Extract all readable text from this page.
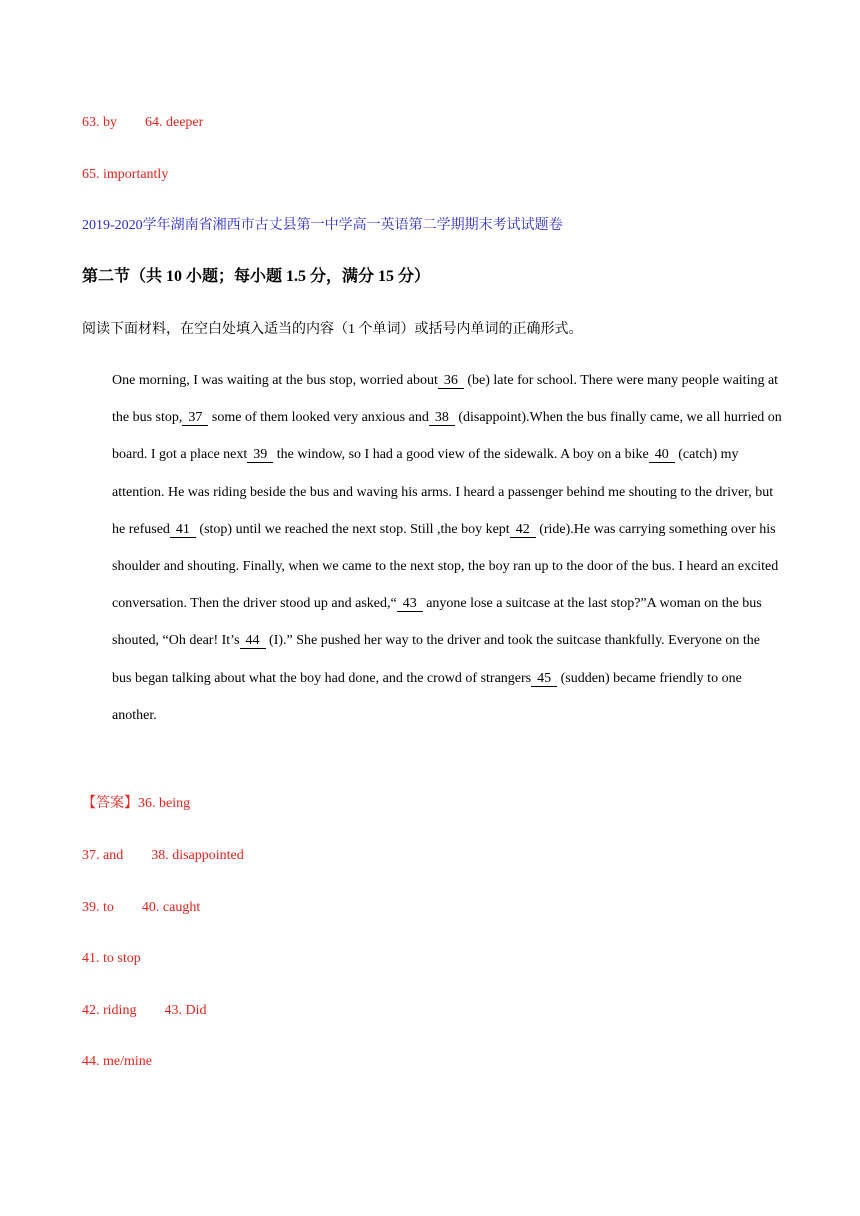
63. by 64. deeper
65. importantly
2019-2020学年湖南省湘西市古丈县第一中学高一英语第二学期期末考试试题卷
第二节（共 10 小题；每小题 1.5 分，满分 15 分）
阅读下面材料，在空白处填入适当的内容（1 个单词）或括号内单词的正确形式。

One morning, I was waiting at the bus stop, worried about 36 (be) late for school. There were many people waiting at the bus stop, 37 some of them looked very anxious and 38 (disappoint).When the bus finally came, we all hurried on board. I got a place next 39 the window, so I had a good view of the sidewalk. A boy on a bike 40 (catch) my attention. He was riding beside the bus and waving his arms. I heard a passenger behind me shouting to the driver, but he refused 41 (stop) until we reached the next stop. Still ,the boy kept 42 (ride).He was carrying something over his shoulder and shouting. Finally, when we came to the next stop, the boy ran up to the door of the bus. I heard an excited conversation. Then the driver stood up and asked,“ 43 anyone lose a suitcase at the last stop?”A woman on the bus shouted, “Oh dear! It’s 44 (I).” She pushed her way to the driver and took the suitcase thankfully. Everyone on the bus began talking about what the boy had done, and the crowd of strangers 45 (sudden) became friendly to one another.

【答案】36. being
37. and 38. disappointed
39. to 40. caught
41. to stop
42. riding 43. Did
44. me/mine
